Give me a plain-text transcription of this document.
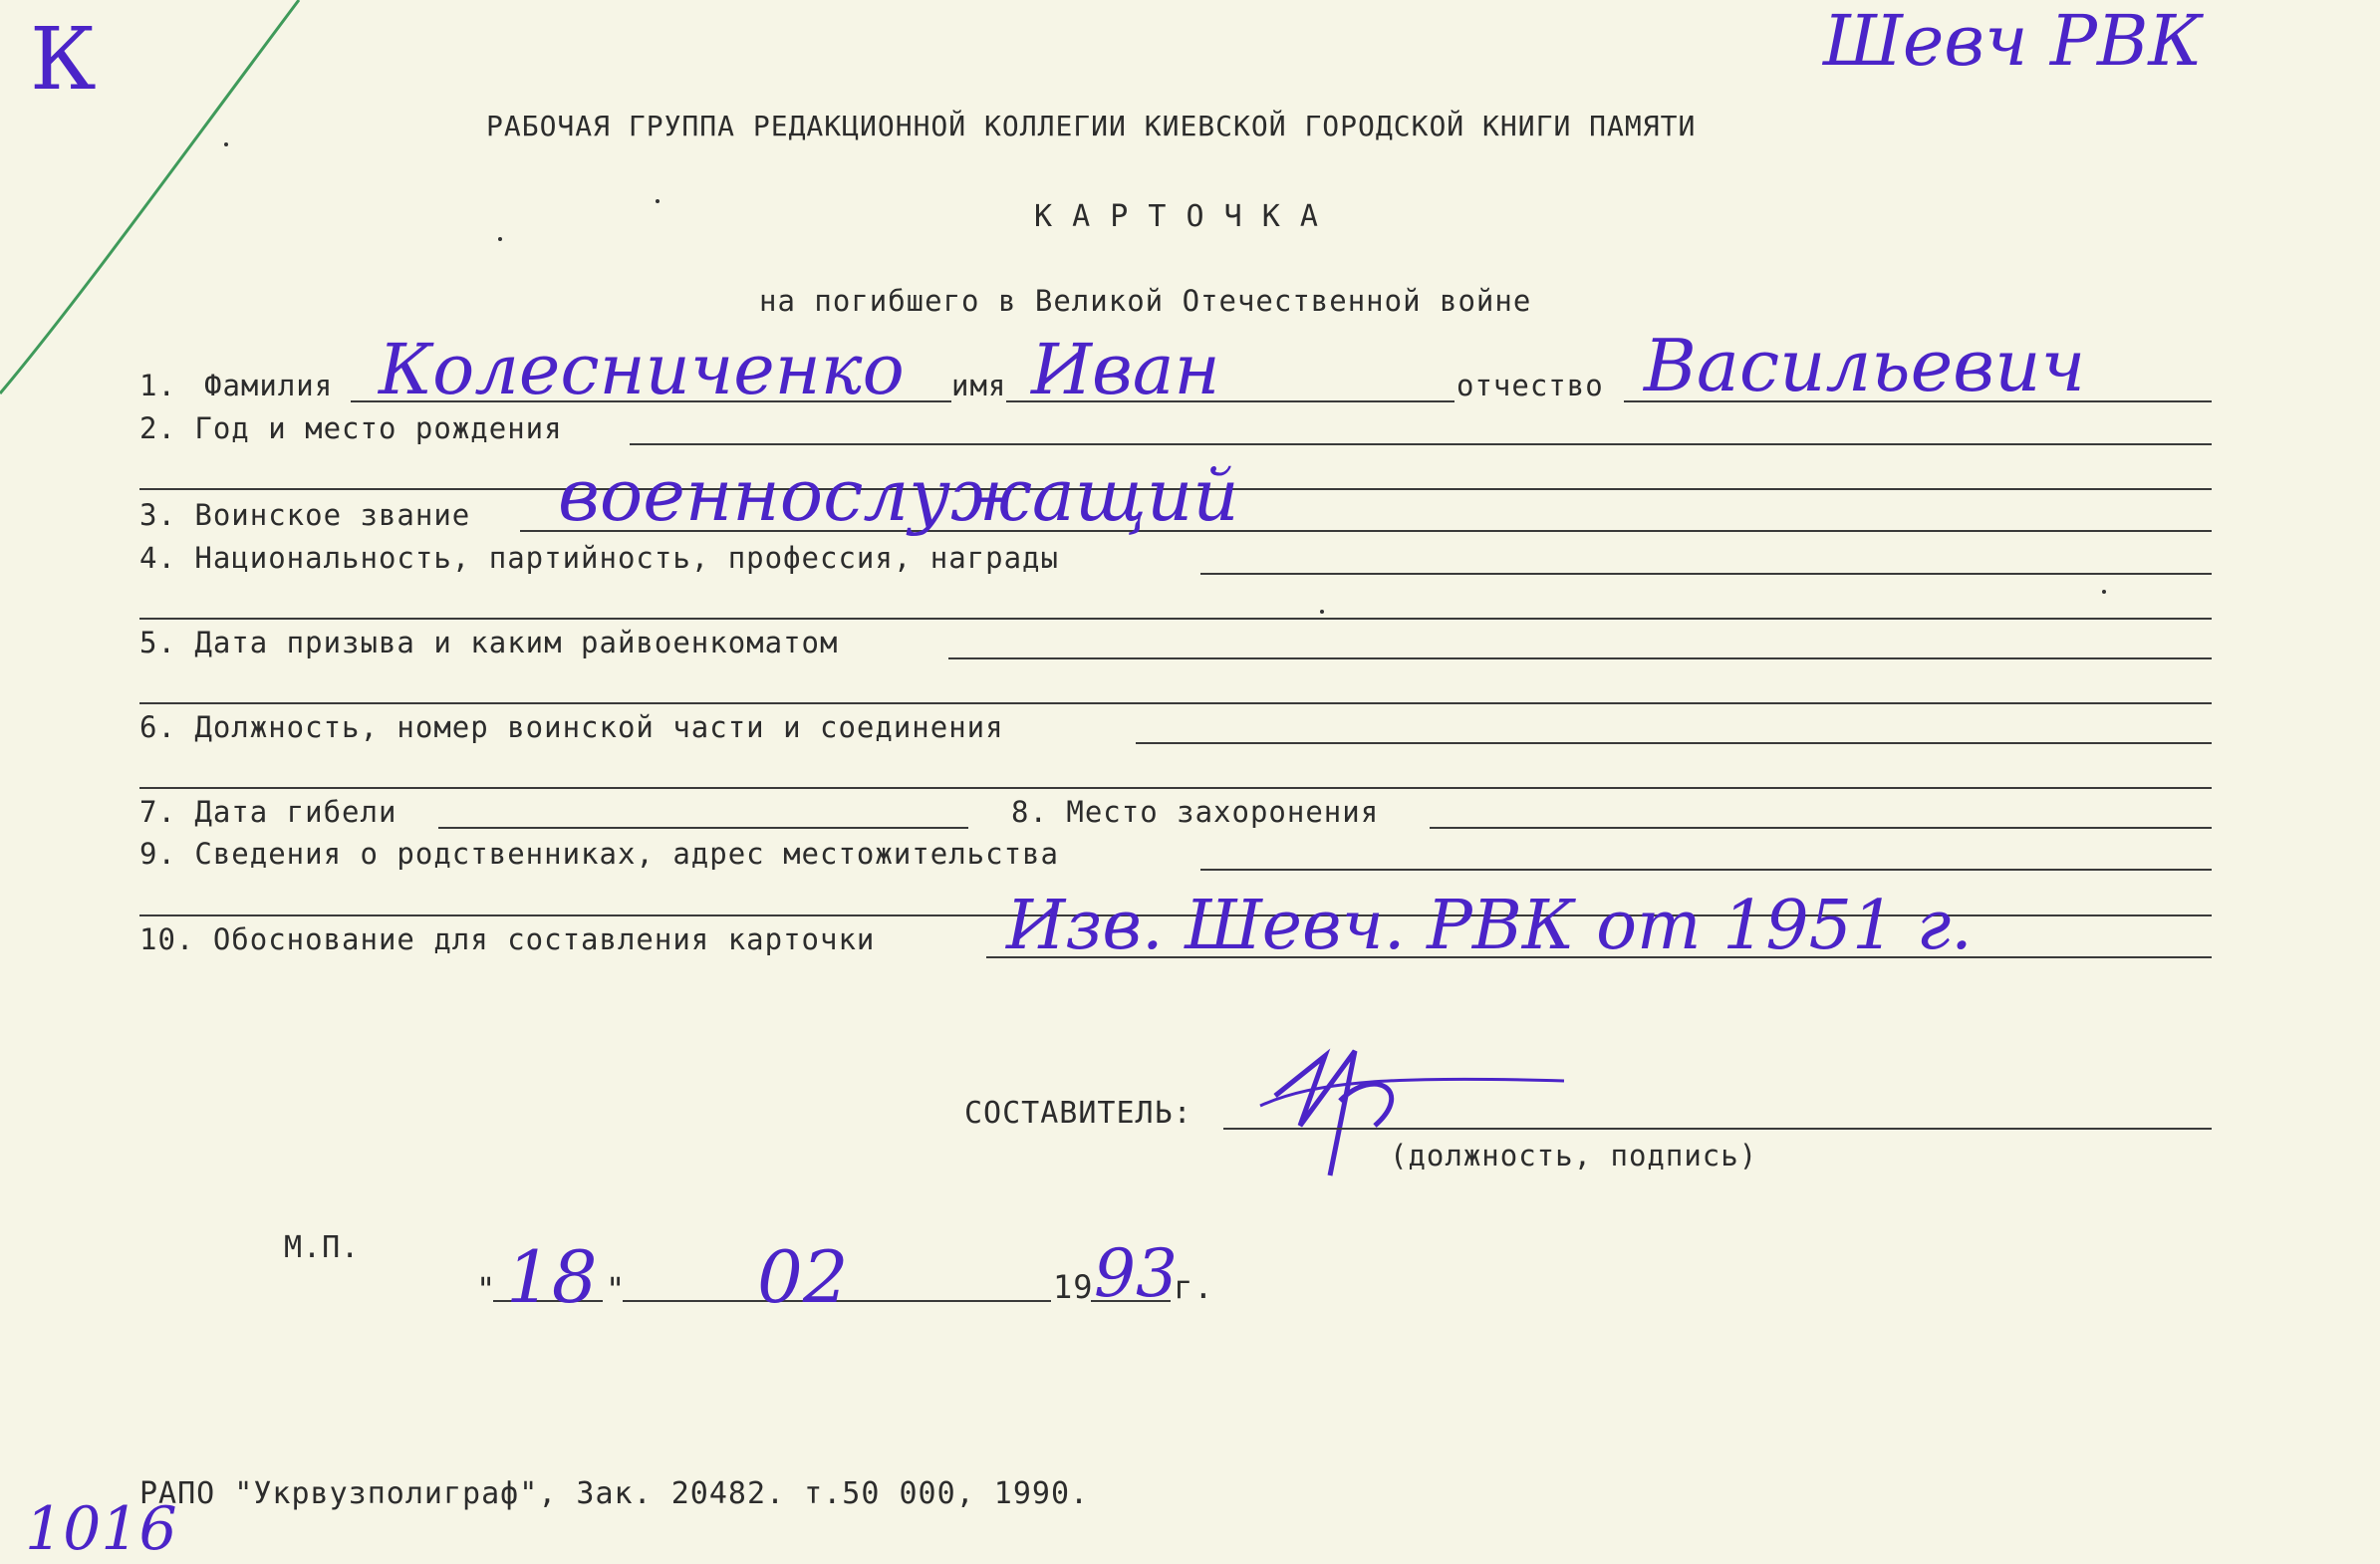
К	Шевч РВК
1016
РАБОЧАЯ ГРУППА РЕДАКЦИОННОЙ КОЛЛЕГИИ КИЕВСКОЙ ГОРОДСКОЙ КНИГИ ПАМЯТИ
К А Р Т О Ч К А
на погибшего в Великой Отечественной войне
1. Фамилия Колесниченко имя Иван	отчество Васильевич
2. Год и место рождения
3. Воинское звание военнослужащий
4. Национальность, партийность, профессия, награды
5. Дата призыва и каким райвоенкоматом
6. Должность, номер воинской части и соединения
7. Дата гибели	8. Место захоронения
9. Сведения о родственниках, адрес местожительства
10. Обоснование для составления карточки Изв. Шевч. РВК от 1951 г.
СОСТАВИТЕЛЬ:
(должность, подпись)
М.П.
" 18 " 02	19 93
г.
РАПО "Укрвузполиграф", Зак. 20482. т.50 000, 1990.
